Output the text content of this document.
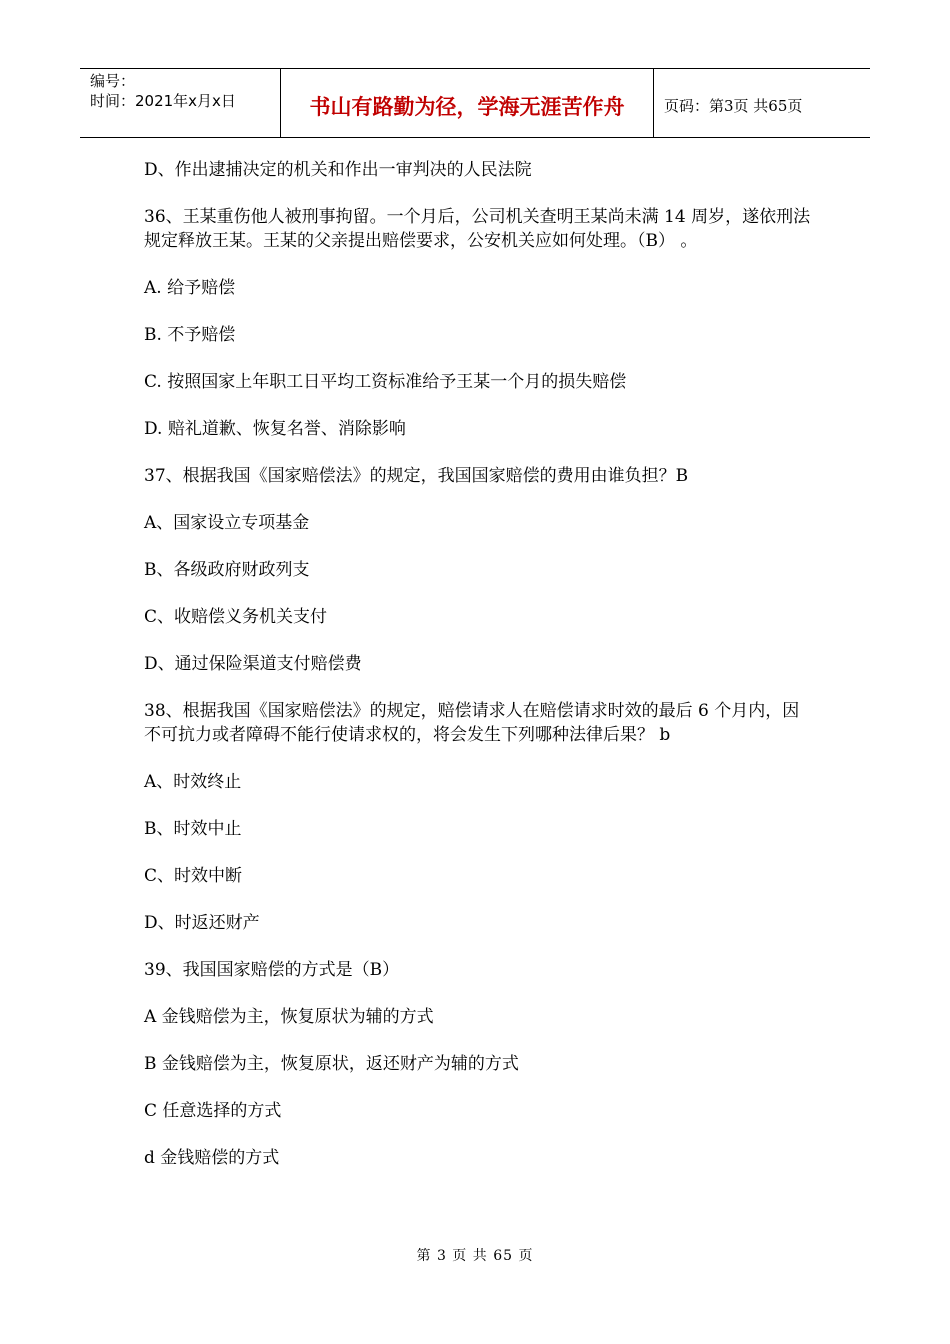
编号：
时间：2021年x月x日	书山有路勤为径，学海无涯苦作舟	页码：第3页 共65页

D、作出逮捕决定的机关和作出一审判决的人民法院

36、王某重伤他人被刑事拘留。一个月后，公司机关查明王某尚未满 14 周岁，遂依刑法规定释放王某。王某的父亲提出赔偿要求，公安机关应如何处理。（B） 。

A. 给予赔偿

B. 不予赔偿

C. 按照国家上年职工日平均工资标准给予王某一个月的损失赔偿

D. 赔礼道歉、恢复名誉、消除影响

37、根据我国《国家赔偿法》的规定，我国国家赔偿的费用由谁负担？B

A、国家设立专项基金

B、各级政府财政列支

C、收赔偿义务机关支付

D、通过保险渠道支付赔偿费

38、根据我国《国家赔偿法》的规定，赔偿请求人在赔偿请求时效的最后 6 个月内，因不可抗力或者障碍不能行使请求权的，将会发生下列哪种法律后果？ b

A、时效终止

B、时效中止

C、时效中断

D、时返还财产

39、我国国家赔偿的方式是（B）

A 金钱赔偿为主，恢复原状为辅的方式

B 金钱赔偿为主，恢复原状，返还财产为辅的方式

C 任意选择的方式

d 金钱赔偿的方式

第 3 页 共 65 页
